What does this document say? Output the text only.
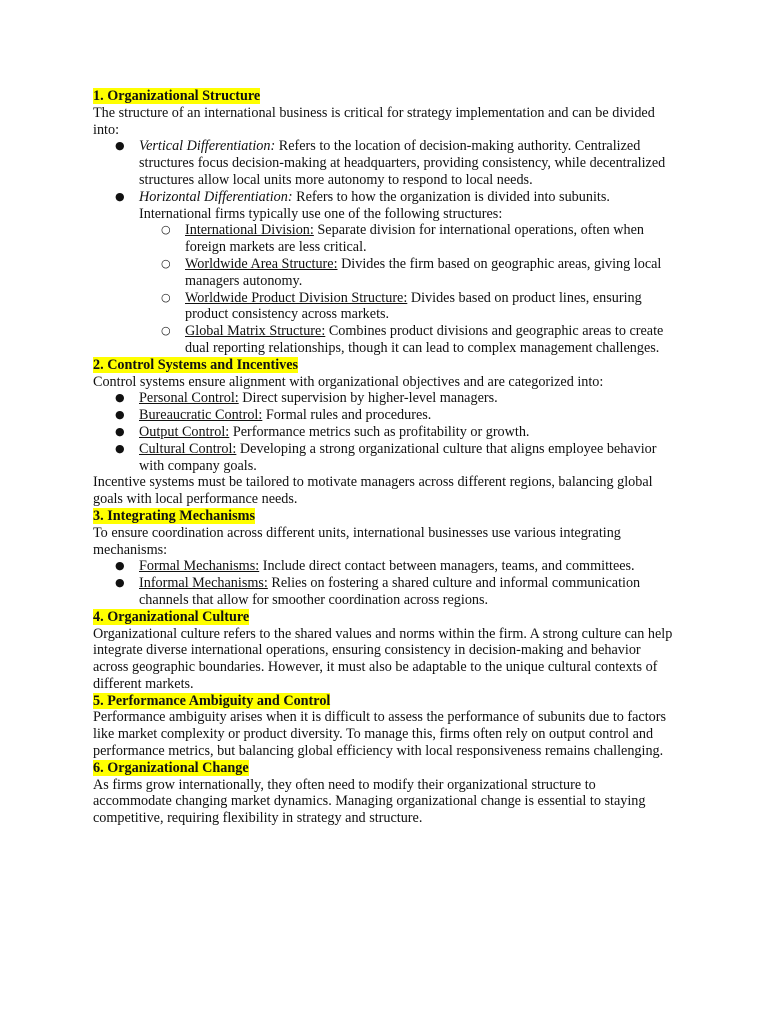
1. Organizational Structure

The structure of an international business is critical for strategy implementation and can be divided into:

● Vertical Differentiation: Refers to the location of decision-making authority. Centralized structures focus decision-making at headquarters, providing consistency, while decentralized structures allow local units more autonomy to respond to local needs.
● Horizontal Differentiation: Refers to how the organization is divided into subunits. International firms typically use one of the following structures:
○ International Division: Separate division for international operations, often when foreign markets are less critical.
○ Worldwide Area Structure: Divides the firm based on geographic areas, giving local managers autonomy.
○ Worldwide Product Division Structure: Divides based on product lines, ensuring product consistency across markets.
○ Global Matrix Structure: Combines product divisions and geographic areas to create dual reporting relationships, though it can lead to complex management challenges.

2. Control Systems and Incentives

Control systems ensure alignment with organizational objectives and are categorized into:

● Personal Control: Direct supervision by higher-level managers.
● Bureaucratic Control: Formal rules and procedures.
● Output Control: Performance metrics such as profitability or growth.
● Cultural Control: Developing a strong organizational culture that aligns employee behavior with company goals.

Incentive systems must be tailored to motivate managers across different regions, balancing global goals with local performance needs.

3. Integrating Mechanisms

To ensure coordination across different units, international businesses use various integrating mechanisms:

● Formal Mechanisms: Include direct contact between managers, teams, and committees.
● Informal Mechanisms: Relies on fostering a shared culture and informal communication channels that allow for smoother coordination across regions.

4. Organizational Culture

Organizational culture refers to the shared values and norms within the firm. A strong culture can help integrate diverse international operations, ensuring consistency in decision-making and behavior across geographic boundaries. However, it must also be adaptable to the unique cultural contexts of different markets.

5. Performance Ambiguity and Control

Performance ambiguity arises when it is difficult to assess the performance of subunits due to factors like market complexity or product diversity. To manage this, firms often rely on output control and performance metrics, but balancing global efficiency with local responsiveness remains challenging.

6. Organizational Change

As firms grow internationally, they often need to modify their organizational structure to accommodate changing market dynamics. Managing organizational change is essential to staying competitive, requiring flexibility in strategy and structure.
